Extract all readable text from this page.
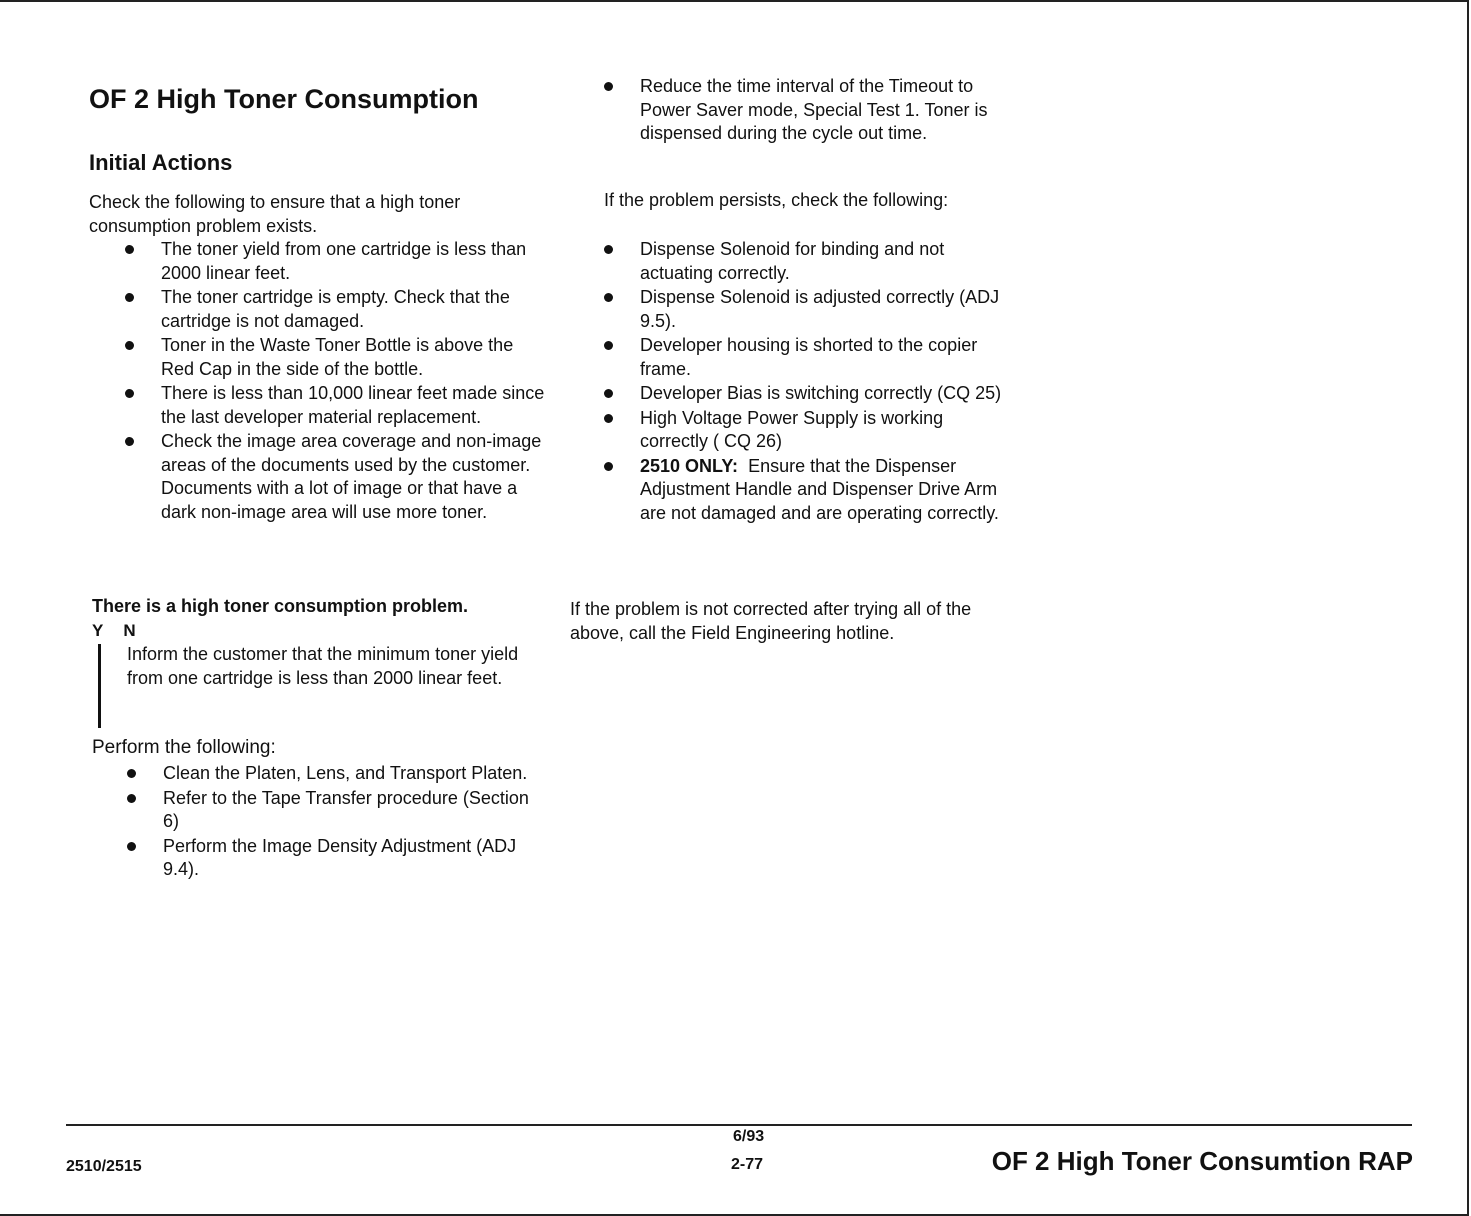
OF 2 High Toner Consumption
Initial Actions

Check the following to ensure that a high toner consumption problem exists.

The toner yield from one cartridge is less than 2000 linear feet.
The toner cartridge is empty. Check that the cartridge is not damaged.
Toner in the Waste Toner Bottle is above the Red Cap in the side of the bottle.
There is less than 10,000 linear feet made since the last developer material replacement.
Check the image area coverage and non-image areas of the documents used by the customer. Documents with a lot of image or that have a dark non-image area will use more toner.

There is a high toner consumption problem.

Y N

Inform the customer that the minimum toner yield from one cartridge is less than 2000 linear feet.

Perform the following:

Clean the Platen, Lens, and Transport Platen.
Refer to the Tape Transfer procedure (Section 6)
Perform the Image Density Adjustment (ADJ 9.4).
Reduce the time interval of the Timeout to Power Saver mode, Special Test 1. Toner is dispensed during the cycle out time.

If the problem persists, check the following:

Dispense Solenoid for binding and not actuating correctly.
Dispense Solenoid is adjusted correctly (ADJ 9.5).
Developer housing is shorted to the copier frame.
Developer Bias is switching correctly (CQ 25)
High Voltage Power Supply is working correctly ( CQ 26)
2510 ONLY:  Ensure that the Dispenser Adjustment Handle and Dispenser Drive Arm are not damaged and are operating correctly.

If the problem is not corrected after trying all of the above, call the Field Engineering hotline.

2510/2515
6/93
2-77	OF 2 High Toner Consumtion RAP
